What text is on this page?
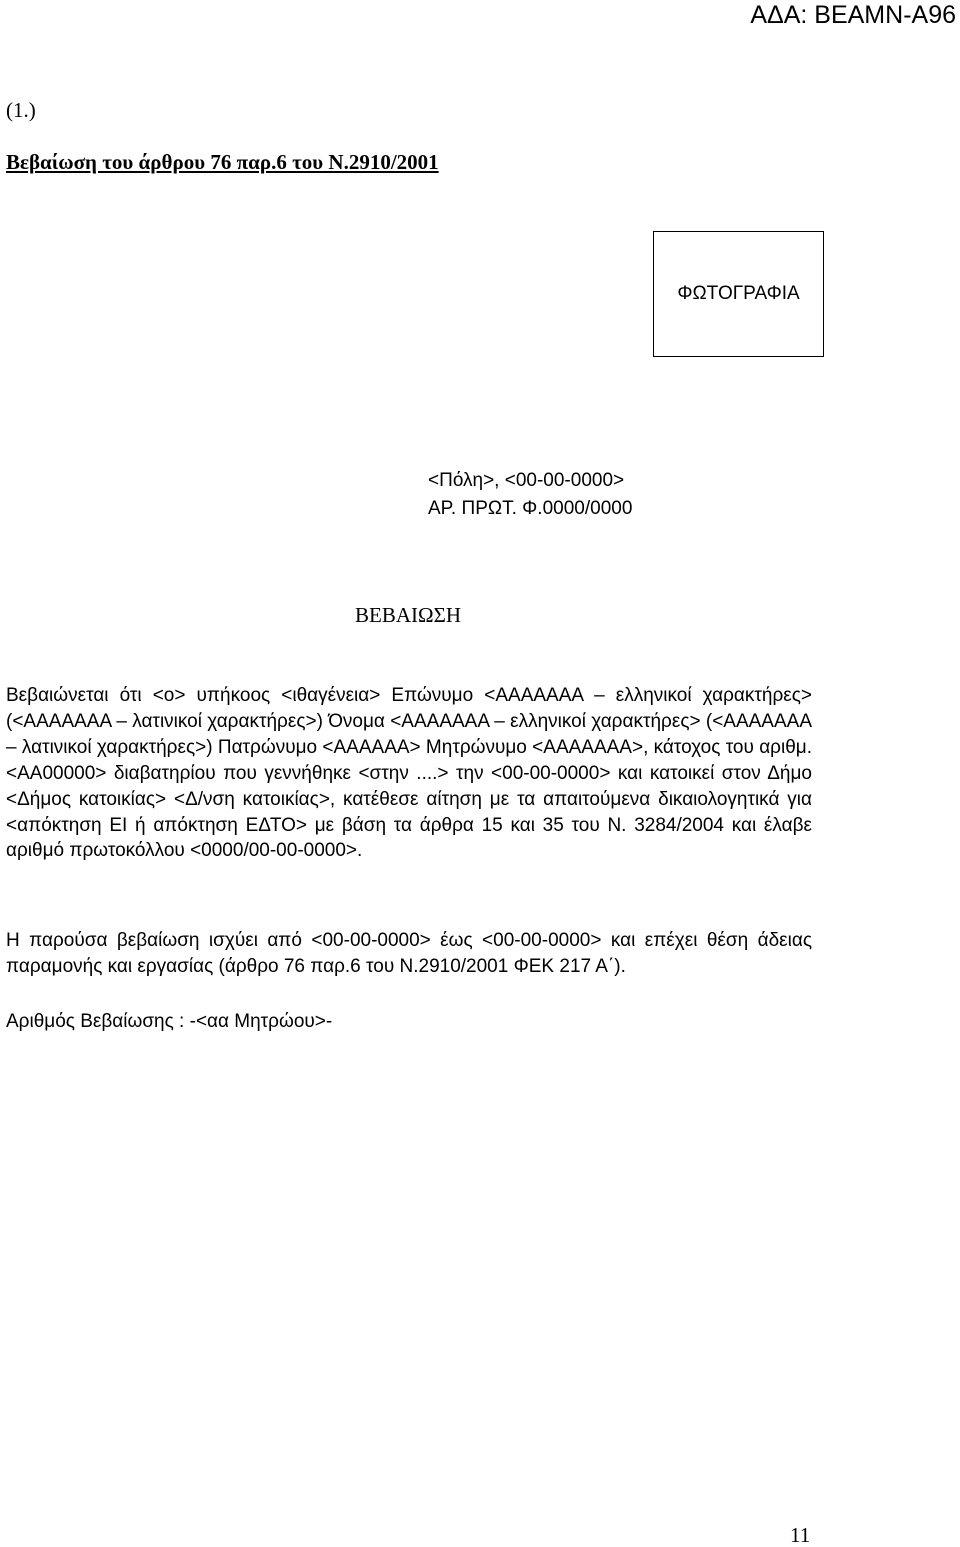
ΑΔΑ: ΒΕΑΜΝ-Α96
(1.)
Βεβαίωση του άρθρου 76 παρ.6 του Ν.2910/2001
ΦΩΤΟΓΡΑΦΙΑ
<Πόλη>, <00-00-0000>
ΑΡ. ΠΡΩΤ. Φ.0000/0000
ΒΕΒΑΙΩΣΗ

Βεβαιώνεται ότι <ο> υπήκοος <ιθαγένεια> Επώνυμο <ΑΑΑΑΑΑΑ – ελληνικοί χαρακτήρες> (<ΑΑΑΑΑΑΑ – λατινικοί χαρακτήρες>) Όνομα <ΑΑΑΑΑΑΑ – ελληνικοί χαρακτήρες> (<ΑΑΑΑΑΑΑ – λατινικοί χαρακτήρες>) Πατρώνυμο <ΑΑΑΑΑΑ> Μητρώνυμο <ΑΑΑΑΑΑΑ>, κάτοχος του αριθμ. <ΑΑ00000> διαβατηρίου που γεννήθηκε <στην ....> την <00-00-0000> και κατοικεί στον Δήμο <Δήμος κατοικίας> <Δ/νση κατοικίας>, κατέθεσε αίτηση με τα απαιτούμενα δικαιολογητικά για <απόκτηση ΕΙ ή απόκτηση ΕΔΤΟ> με βάση τα άρθρα 15 και 35 του Ν. 3284/2004 και έλαβε αριθμό πρωτοκόλλου <0000/00-00-0000>.

Η παρούσα βεβαίωση ισχύει από <00-00-0000> έως <00-00-0000> και επέχει θέση άδειας παραμονής και εργασίας (άρθρο 76 παρ.6 του Ν.2910/2001 ΦΕΚ 217 Α΄).

Αριθμός Βεβαίωσης : -<αα Μητρώου>-
11
